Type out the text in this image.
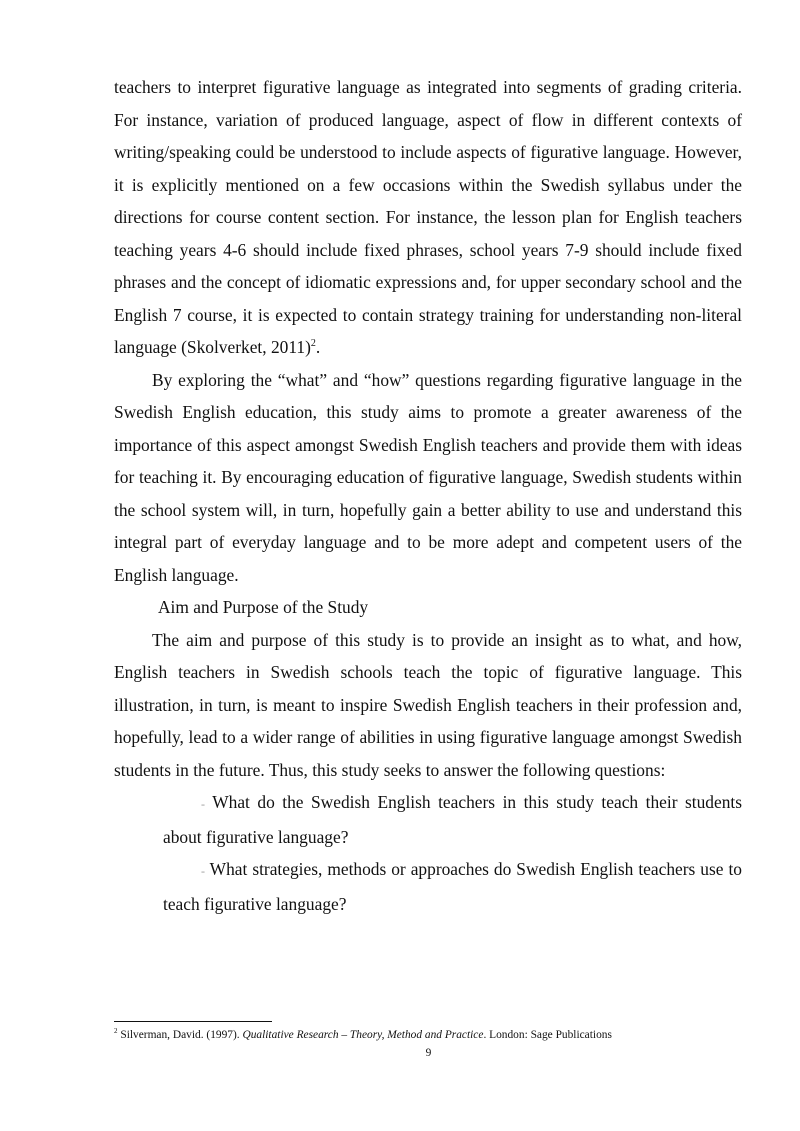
teachers to interpret figurative language as integrated into segments of grading criteria. For instance, variation of produced language, aspect of flow in different contexts of writing/speaking could be understood to include aspects of figurative language. However, it is explicitly mentioned on a few occasions within the Swedish syllabus under the directions for course content section. For instance, the lesson plan for English teachers teaching years 4-6 should include fixed phrases, school years 7-9 should include fixed phrases and the concept of idiomatic expressions and, for upper secondary school and the English 7 course, it is expected to contain strategy training for understanding non-literal language (Skolverket, 2011)$^2$.

By exploring the “what” and “how” questions regarding figurative language in the Swedish English education, this study aims to promote a greater awareness of the importance of this aspect amongst Swedish English teachers and provide them with ideas for teaching it. By encouraging education of figurative language, Swedish students within the school system will, in turn, hopefully gain a better ability to use and understand this integral part of everyday language and to be more adept and competent users of the English language.

Aim and Purpose of the Study

The aim and purpose of this study is to provide an insight as to what, and how, English teachers in Swedish schools teach the topic of figurative language. This illustration, in turn, is meant to inspire Swedish English teachers in their profession and, hopefully, lead to a wider range of abilities in using figurative language amongst Swedish students in the future. Thus, this study seeks to answer the following questions:

- What do the Swedish English teachers in this study teach their students about figurative language?

- What strategies, methods or approaches do Swedish English teachers use to teach figurative language?

$^2$ Silverman, David. (1997). Qualitative Research – Theory, Method and Practice. London: Sage Publications
9
